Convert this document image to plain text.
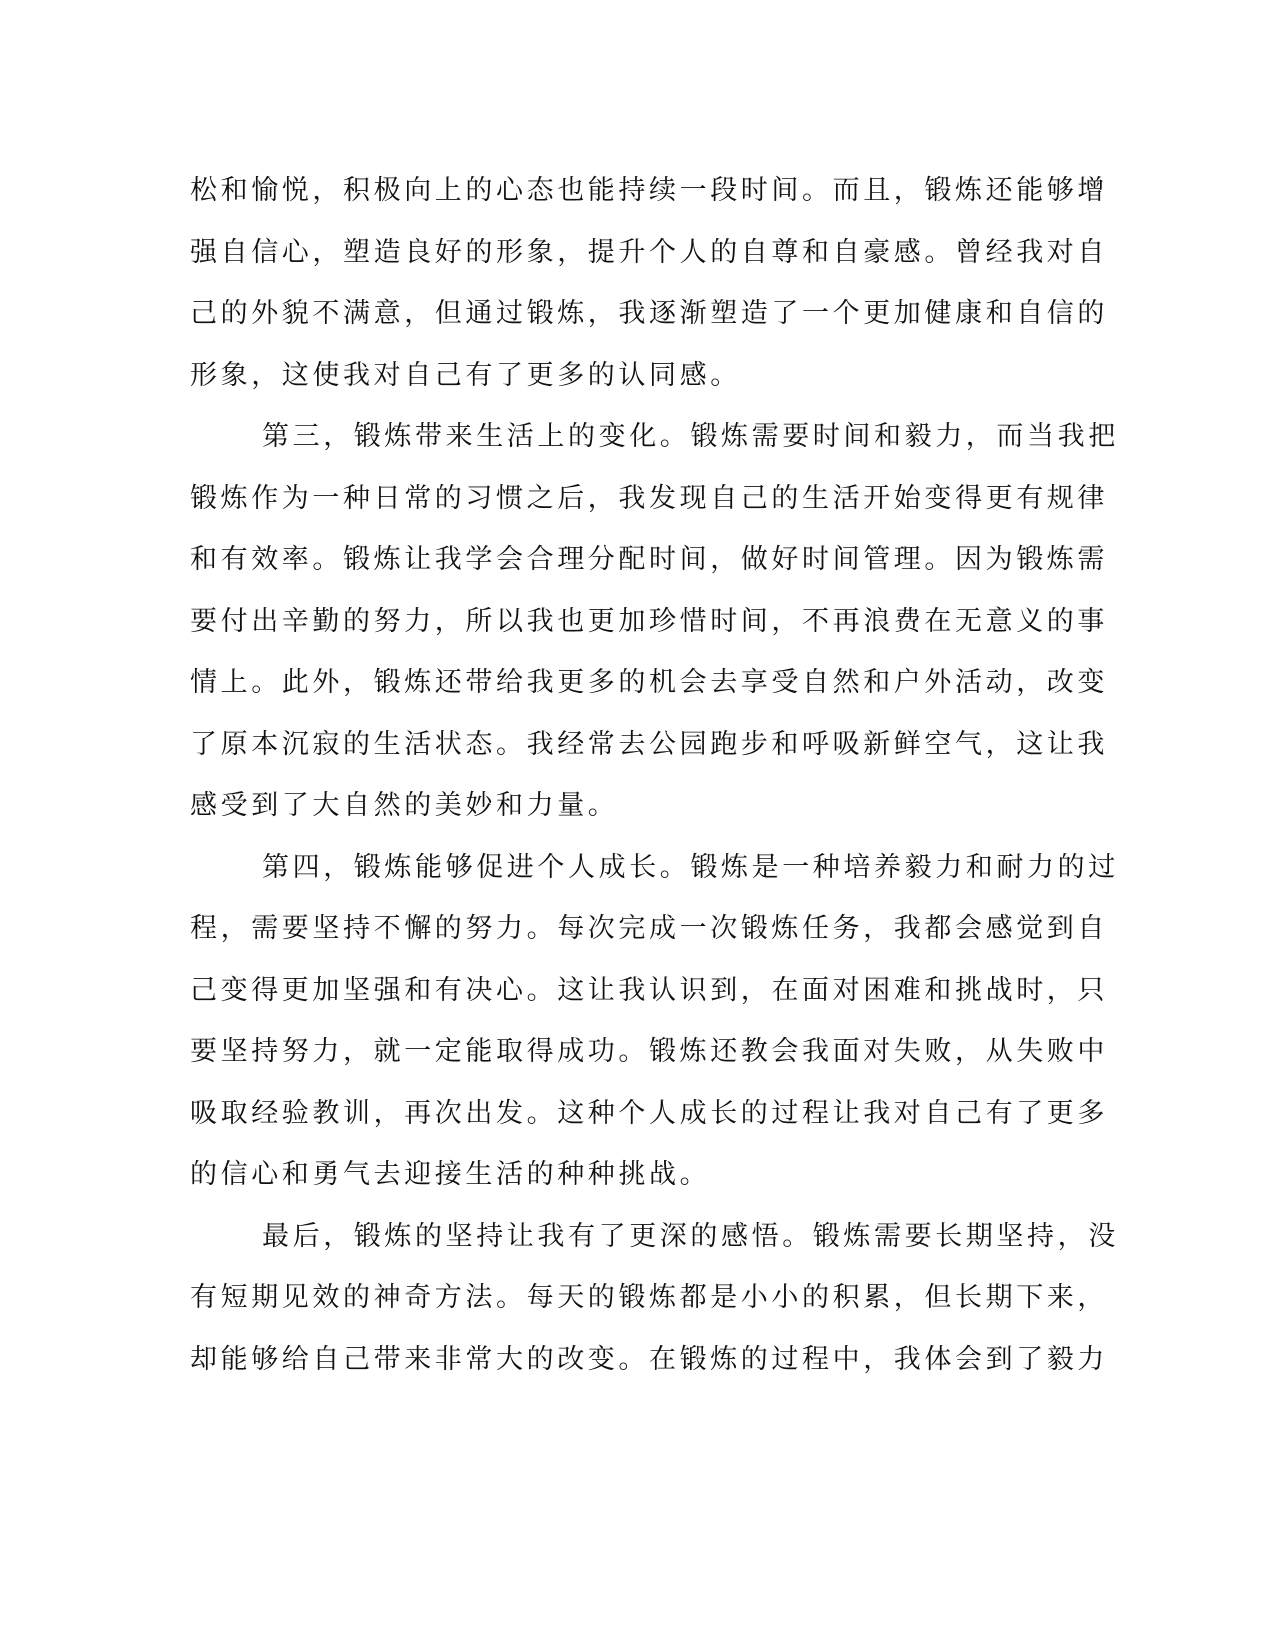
松和愉悦，积极向上的心态也能持续一段时间。而且，锻炼还能够增
强自信心，塑造良好的形象，提升个人的自尊和自豪感。曾经我对自
己的外貌不满意，但通过锻炼，我逐渐塑造了一个更加健康和自信的
形象，这使我对自己有了更多的认同感。
第三，锻炼带来生活上的变化。锻炼需要时间和毅力，而当我把
锻炼作为一种日常的习惯之后，我发现自己的生活开始变得更有规律
和有效率。锻炼让我学会合理分配时间，做好时间管理。因为锻炼需
要付出辛勤的努力，所以我也更加珍惜时间，不再浪费在无意义的事
情上。此外，锻炼还带给我更多的机会去享受自然和户外活动，改变
了原本沉寂的生活状态。我经常去公园跑步和呼吸新鲜空气，这让我
感受到了大自然的美妙和力量。
第四，锻炼能够促进个人成长。锻炼是一种培养毅力和耐力的过
程，需要坚持不懈的努力。每次完成一次锻炼任务，我都会感觉到自
己变得更加坚强和有决心。这让我认识到，在面对困难和挑战时，只
要坚持努力，就一定能取得成功。锻炼还教会我面对失败，从失败中
吸取经验教训，再次出发。这种个人成长的过程让我对自己有了更多
的信心和勇气去迎接生活的种种挑战。
最后，锻炼的坚持让我有了更深的感悟。锻炼需要长期坚持，没
有短期见效的神奇方法。每天的锻炼都是小小的积累，但长期下来，
却能够给自己带来非常大的改变。在锻炼的过程中，我体会到了毅力
